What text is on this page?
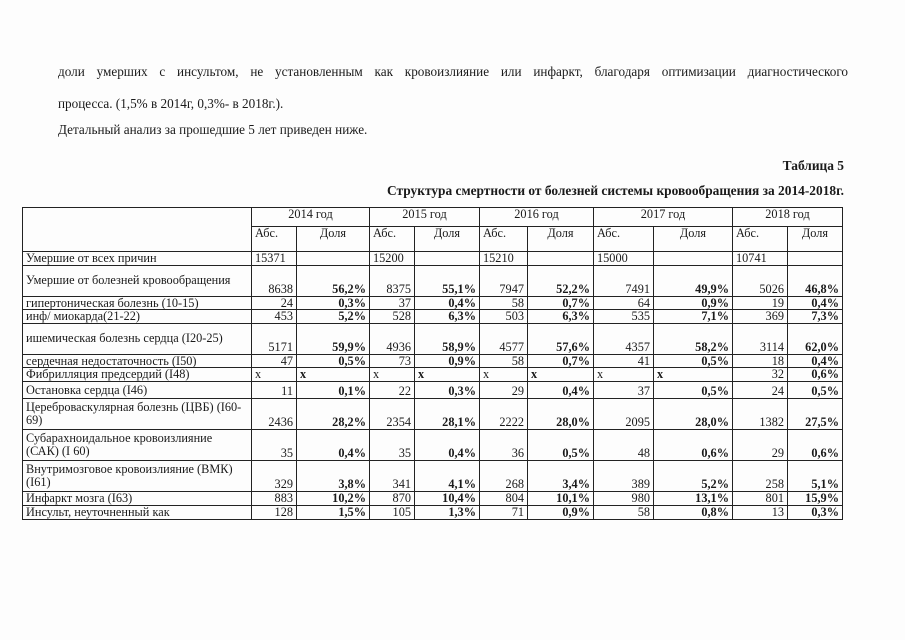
доли умерших с инсультом, не установленным как кровоизлияние или инфаркт, благодаря оптимизации диагностического
процесса. (1,5% в 2014г, 0,3%- в 2018г.).
Детальный анализ за прошедшие 5 лет приведен ниже.
Таблица 5
Структура смертности от болезней системы кровообращения за 2014-2018г.
	2014 год		2015 год		2016 год		2017 год		2018 год	
	Абс.	Доля	Абс.	Доля	Абс.	Доля	Абс.	Доля	Абс.	Доля
Умершие от всех причин	15371		15200		15210		15000		10741	
Умершие от болезней кровообращения	8638	56,2%	8375	55,1%	7947	52,2%	7491	49,9%	5026	46,8%
гипертоническая болезнь (10-15)	24	0,3%	37	0,4%	58	0,7%	64	0,9%	19	0,4%
инф/ миокарда(21-22)	453	5,2%	528	6,3%	503	6,3%	535	7,1%	369	7,3%
ишемическая болезнь сердца (I20-25)	5171	59,9%	4936	58,9%	4577	57,6%	4357	58,2%	3114	62,0%
сердечная недостаточность (I50)	47	0,5%	73	0,9%	58	0,7%	41	0,5%	18	0,4%
Фибрилляция предсердий (I48)	x	x	x	x	x	x	x	x	32	0,6%
Остановка сердца (I46)	11	0,1%	22	0,3%	29	0,4%	37	0,5%	24	0,5%
Цереброваскулярная болезнь (ЦВБ) (I60-69)	2436	28,2%	2354	28,1%	2222	28,0%	2095	28,0%	1382	27,5%
Субарахноидальное кровоизлияние (САК) (I 60)	35	0,4%	35	0,4%	36	0,5%	48	0,6%	29	0,6%
Внутримозговое кровоизлияние (ВМК) (I61)	329	3,8%	341	4,1%	268	3,4%	389	5,2%	258	5,1%
Инфаркт мозга (I63)	883	10,2%	870	10,4%	804	10,1%	980	13,1%	801	15,9%
Инсульт, неуточненный как	128	1,5%	105	1,3%	71	0,9%	58	0,8%	13	0,3%
